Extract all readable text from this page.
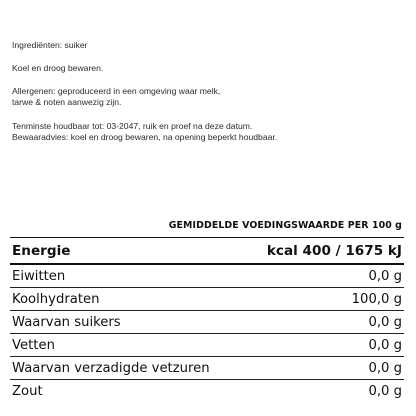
Ingrediënten: suiker

Koel en droog bewaren.

Allergenen: geproduceerd in een omgeving waar melk,

tarwe & noten aanwezig zijn.

Tenminste houdbaar tot: 03-2047, ruik en proef na deze datum.

Bewaaradvies: koel en droog bewaren, na opening beperkt houdbaar.

GEMIDDELDE VOEDINGSWAARDE PER 100 g
Energie	kcal 400 / 1675 kJ
Eiwitten	0,0 g
Koolhydraten	100,0 g
Waarvan suikers	0,0 g
Vetten	0,0 g
Waarvan verzadigde vetzuren	0,0 g
Zout	0,0 g
